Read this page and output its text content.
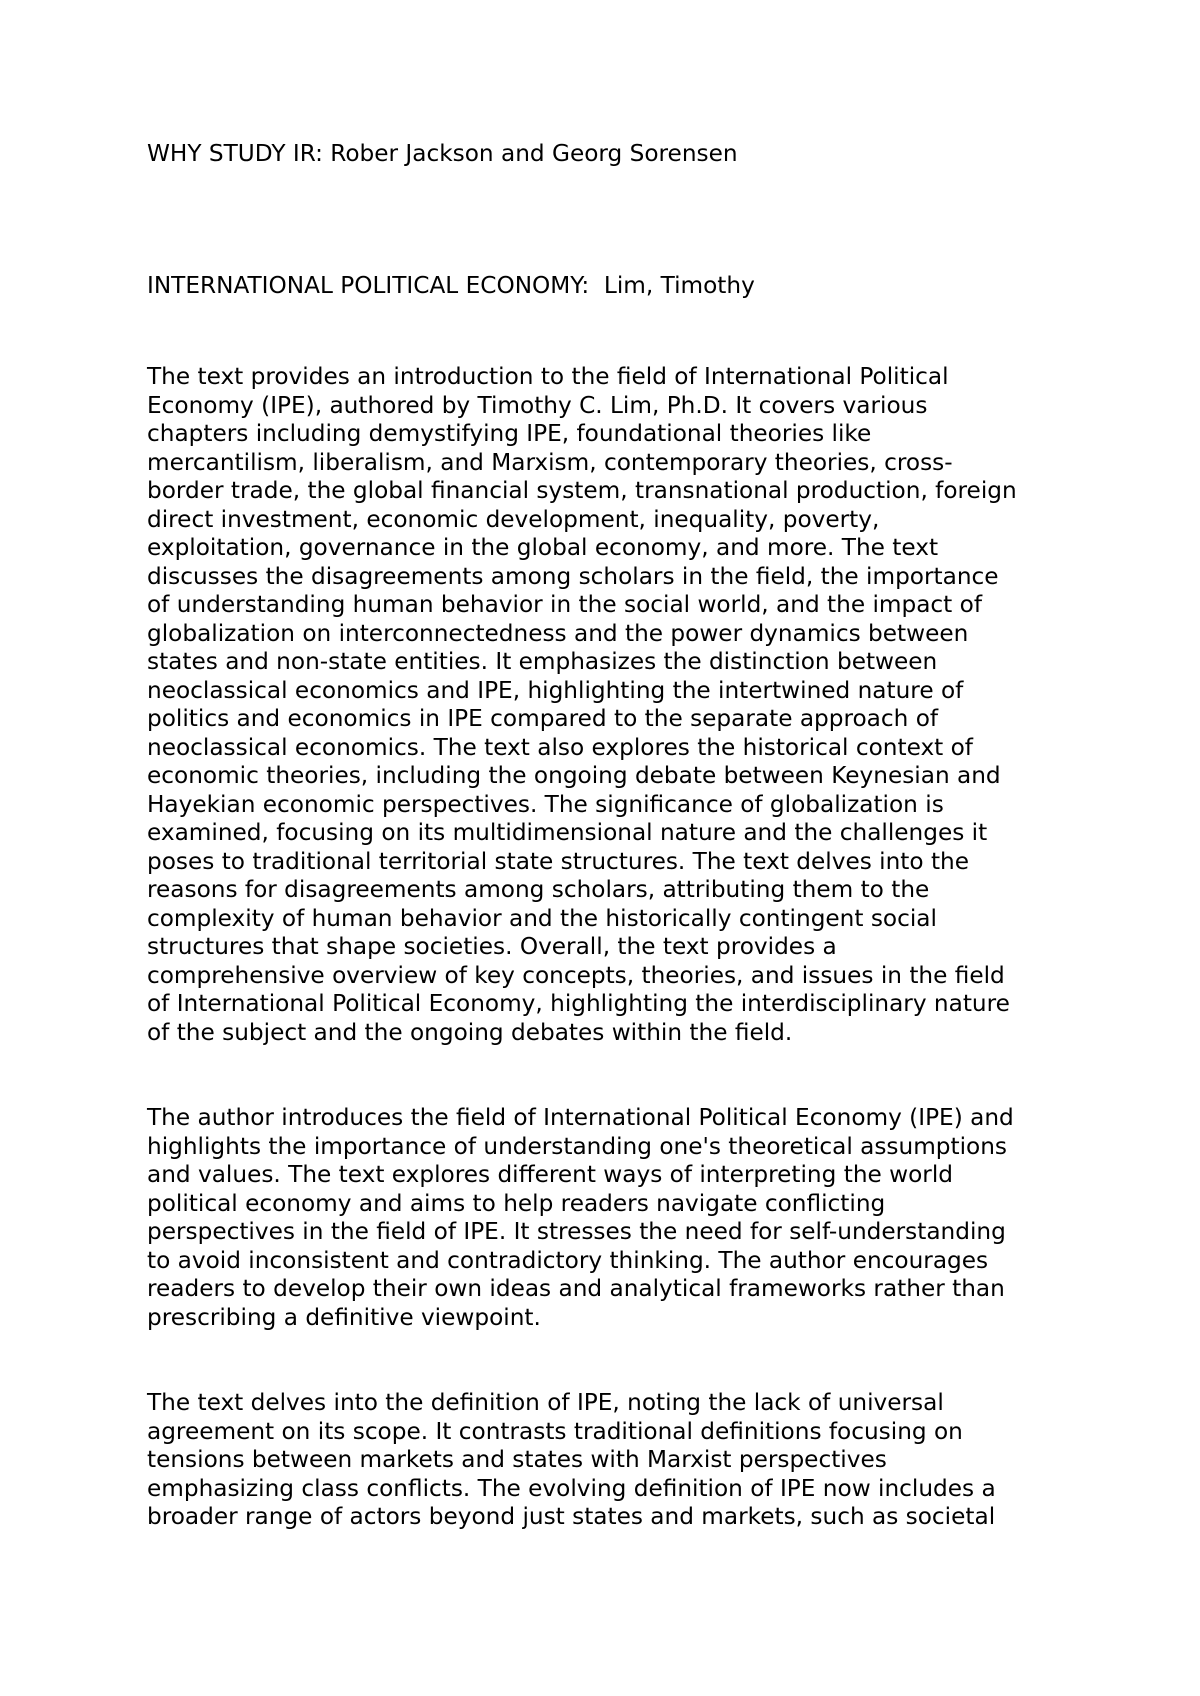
WHY STUDY IR: Rober Jackson and Georg Sorensen

INTERNATIONAL POLITICAL ECONOMY:  Lim, Timothy

The text provides an introduction to the field of International Political

Economy (IPE), authored by Timothy C. Lim, Ph.D. It covers various

chapters including demystifying IPE, foundational theories like

mercantilism, liberalism, and Marxism, contemporary theories, cross-

border trade, the global financial system, transnational production, foreign

direct investment, economic development, inequality, poverty,

exploitation, governance in the global economy, and more. The text

discusses the disagreements among scholars in the field, the importance

of understanding human behavior in the social world, and the impact of

globalization on interconnectedness and the power dynamics between

states and non-state entities. It emphasizes the distinction between

neoclassical economics and IPE, highlighting the intertwined nature of

politics and economics in IPE compared to the separate approach of

neoclassical economics. The text also explores the historical context of

economic theories, including the ongoing debate between Keynesian and

Hayekian economic perspectives. The significance of globalization is

examined, focusing on its multidimensional nature and the challenges it

poses to traditional territorial state structures. The text delves into the

reasons for disagreements among scholars, attributing them to the

complexity of human behavior and the historically contingent social

structures that shape societies. Overall, the text provides a

comprehensive overview of key concepts, theories, and issues in the field

of International Political Economy, highlighting the interdisciplinary nature

of the subject and the ongoing debates within the field.

The author introduces the field of International Political Economy (IPE) and

highlights the importance of understanding one's theoretical assumptions

and values. The text explores different ways of interpreting the world

political economy and aims to help readers navigate conflicting

perspectives in the field of IPE. It stresses the need for self-understanding

to avoid inconsistent and contradictory thinking. The author encourages

readers to develop their own ideas and analytical frameworks rather than

prescribing a definitive viewpoint.

The text delves into the definition of IPE, noting the lack of universal

agreement on its scope. It contrasts traditional definitions focusing on

tensions between markets and states with Marxist perspectives

emphasizing class conflicts. The evolving definition of IPE now includes a

broader range of actors beyond just states and markets, such as societal
